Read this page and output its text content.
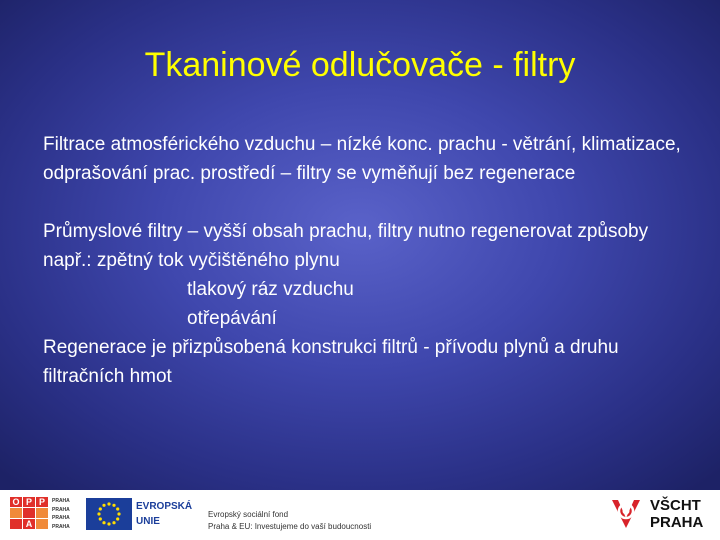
Tkaninové odlučovače - filtry

Filtrace atmosférického vzduchu – nízké konc. prachu - větrání, klimatizace, odprašování prac. prostředí – filtry se vyměňují bez regenerace

Průmyslové filtry – vyšší obsah prachu, filtry nutno regenerovat způsoby např.: zpětný tok vyčištěného plynu

tlakový ráz vzduchu

otřepávání

Regenerace je přizpůsobená konstrukci filtrů - přívodu plynů a druhu filtračních hmot

O P P
A
PRAHA
PRAHA
PRAHA
PRAHA
EVROPSKÁ
UNIE
Evropský sociální fond
Praha & EU: Investujeme do vaší budoucnosti
VŠCHT
PRAHA
